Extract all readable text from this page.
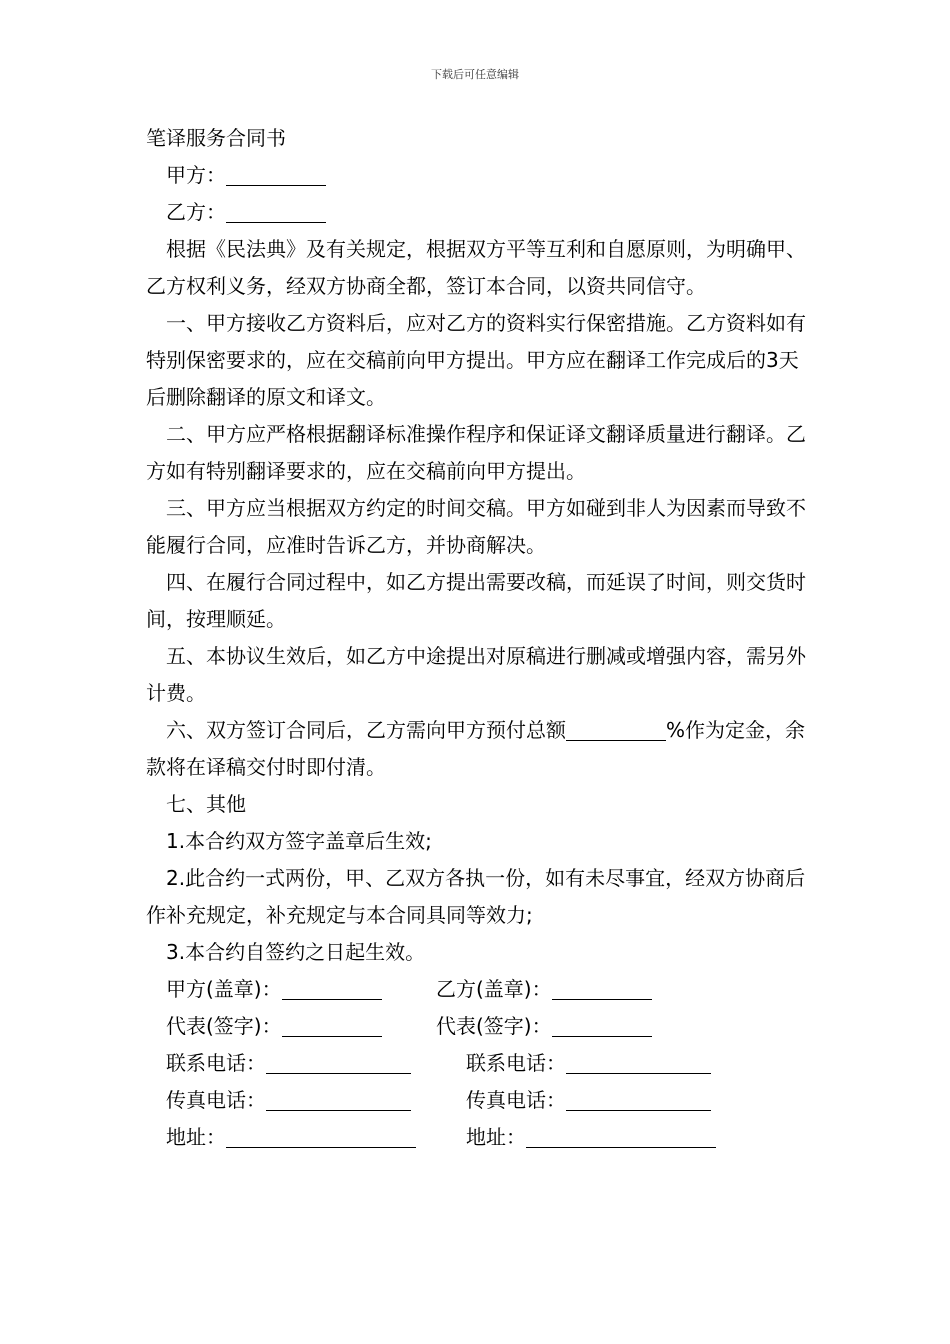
下载后可任意编辑
笔译服务合同书
甲方：
乙方：

根据《民法典》及有关规定，根据双方平等互利和自愿原则，为明确甲、乙方权利义务，经双方协商全都，签订本合同，以资共同信守。

一、甲方接收乙方资料后，应对乙方的资料实行保密措施。乙方资料如有特别保密要求的，应在交稿前向甲方提出。甲方应在翻译工作完成后的3天后删除翻译的原文和译文。

二、甲方应严格根据翻译标准操作程序和保证译文翻译质量进行翻译。乙方如有特别翻译要求的，应在交稿前向甲方提出。

三、甲方应当根据双方约定的时间交稿。甲方如碰到非人为因素而导致不能履行合同，应准时告诉乙方，并协商解决。

四、在履行合同过程中，如乙方提出需要改稿，而延误了时间，则交货时间，按理顺延。

五、本协议生效后，如乙方中途提出对原稿进行删减或增强内容，需另外计费。

六、双方签订合同后，乙方需向甲方预付总额	%作为定金，余款将在译稿交付时即付清。

七、其他

1.本合约双方签字盖章后生效;

2.此合约一式两份，甲、乙双方各执一份，如有未尽事宜，经双方协商后作补充规定，补充规定与本合同具同等效力;

3.本合约自签约之日起生效。

甲方(盖章)：	乙方(盖章)：
代表(签字)：	代表(签字)：
联系电话：	联系电话：
传真电话：	传真电话：
地址：	地址：
